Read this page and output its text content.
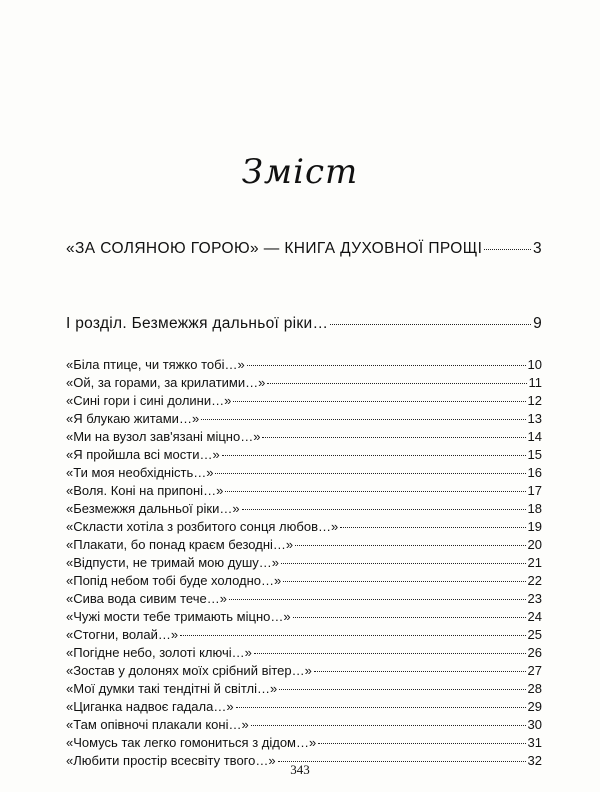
Зміст
«ЗА СОЛЯНОЮ ГОРОЮ» — КНИГА ДУХОВНОЇ ПРОЩІ	3
І розділ. Безмежжя дальньої ріки…	9
«Біла птице, чи тяжко тобі…»	10
«Ой, за горами, за крилатими…»	11
«Сині гори і сині долини…»	12
«Я блукаю житами…»	13
«Ми на вузол зав'язані міцно…»	14
«Я пройшла всі мости…»	15
«Ти моя необхідність…»	16
«Воля. Коні на припоні…»	17
«Безмежжя дальньої ріки…»	18
«Скласти хотіла з розбитого сонця любов…»	19
«Плакати, бо понад краєм безодні…»	20
«Відпусти, не тримай мою душу…»	21
«Попід небом тобі буде холодно…»	22
«Сива вода сивим тече…»	23
«Чужі мости тебе тримають міцно…»	24
«Стогни, волай…»	25
«Погідне небо, золоті ключі…»	26
«Зостав у долонях моїх срібний вітер…»	27
«Мої думки такі тендітні й світлі…»	28
«Циганка надвоє гадала…»	29
«Там опівночі плакали коні…»	30
«Чомусь так легко гомониться з дідом…»	31
«Любити простір всесвіту твого…»	32
343
